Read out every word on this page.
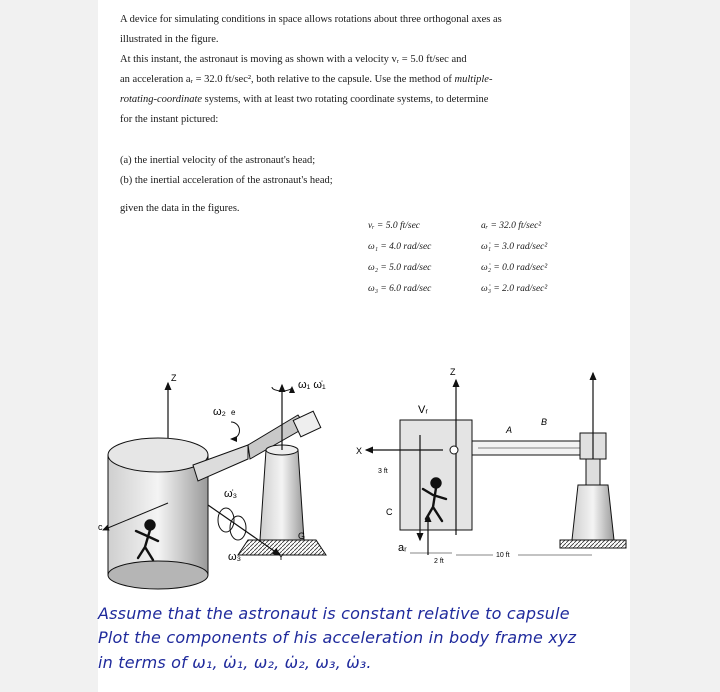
A device for simulating conditions in space allows rotations about three orthogonal axes as
illustrated in the figure.
At this instant, the astronaut is moving as shown with a velocity vᵣ = 5.0 ft/sec and
an acceleration aᵣ = 32.0 ft/sec², both relative to the capsule. Use the method of multiple-
rotating-coordinate systems, with at least two rotating coordinate systems, to determine
for the instant pictured:
(a) the inertial velocity of the astronaut's head;
(b) the inertial acceleration of the astronaut's head;
given the data in the figures.
vᵣ = 5.0 ft/sec
ω₁ = 4.0 rad/sec
ω₂ = 5.0 rad/sec
ω₃ = 6.0 rad/sec
aᵣ = 32.0 ft/sec²
ω̇₁ = 3.0 rad/sec²
ω̇₂ = 0.0 rad/sec²
ω̇₃ = 2.0 rad/sec²
Z
c
ω₁ ω̇₁
ω₂ e
Y
ω̇₃
ω₃
G
Z
X
Vᵣ
aᵣ
3 ft
2 ft
A
B
10 ft
C
Assume that the astronaut is constant relative to capsule
Plot the components of his acceleration in body frame xyz
in terms of ω₁, ω̇₁, ω₂, ω̇₂, ω₃, ω̇₃.
